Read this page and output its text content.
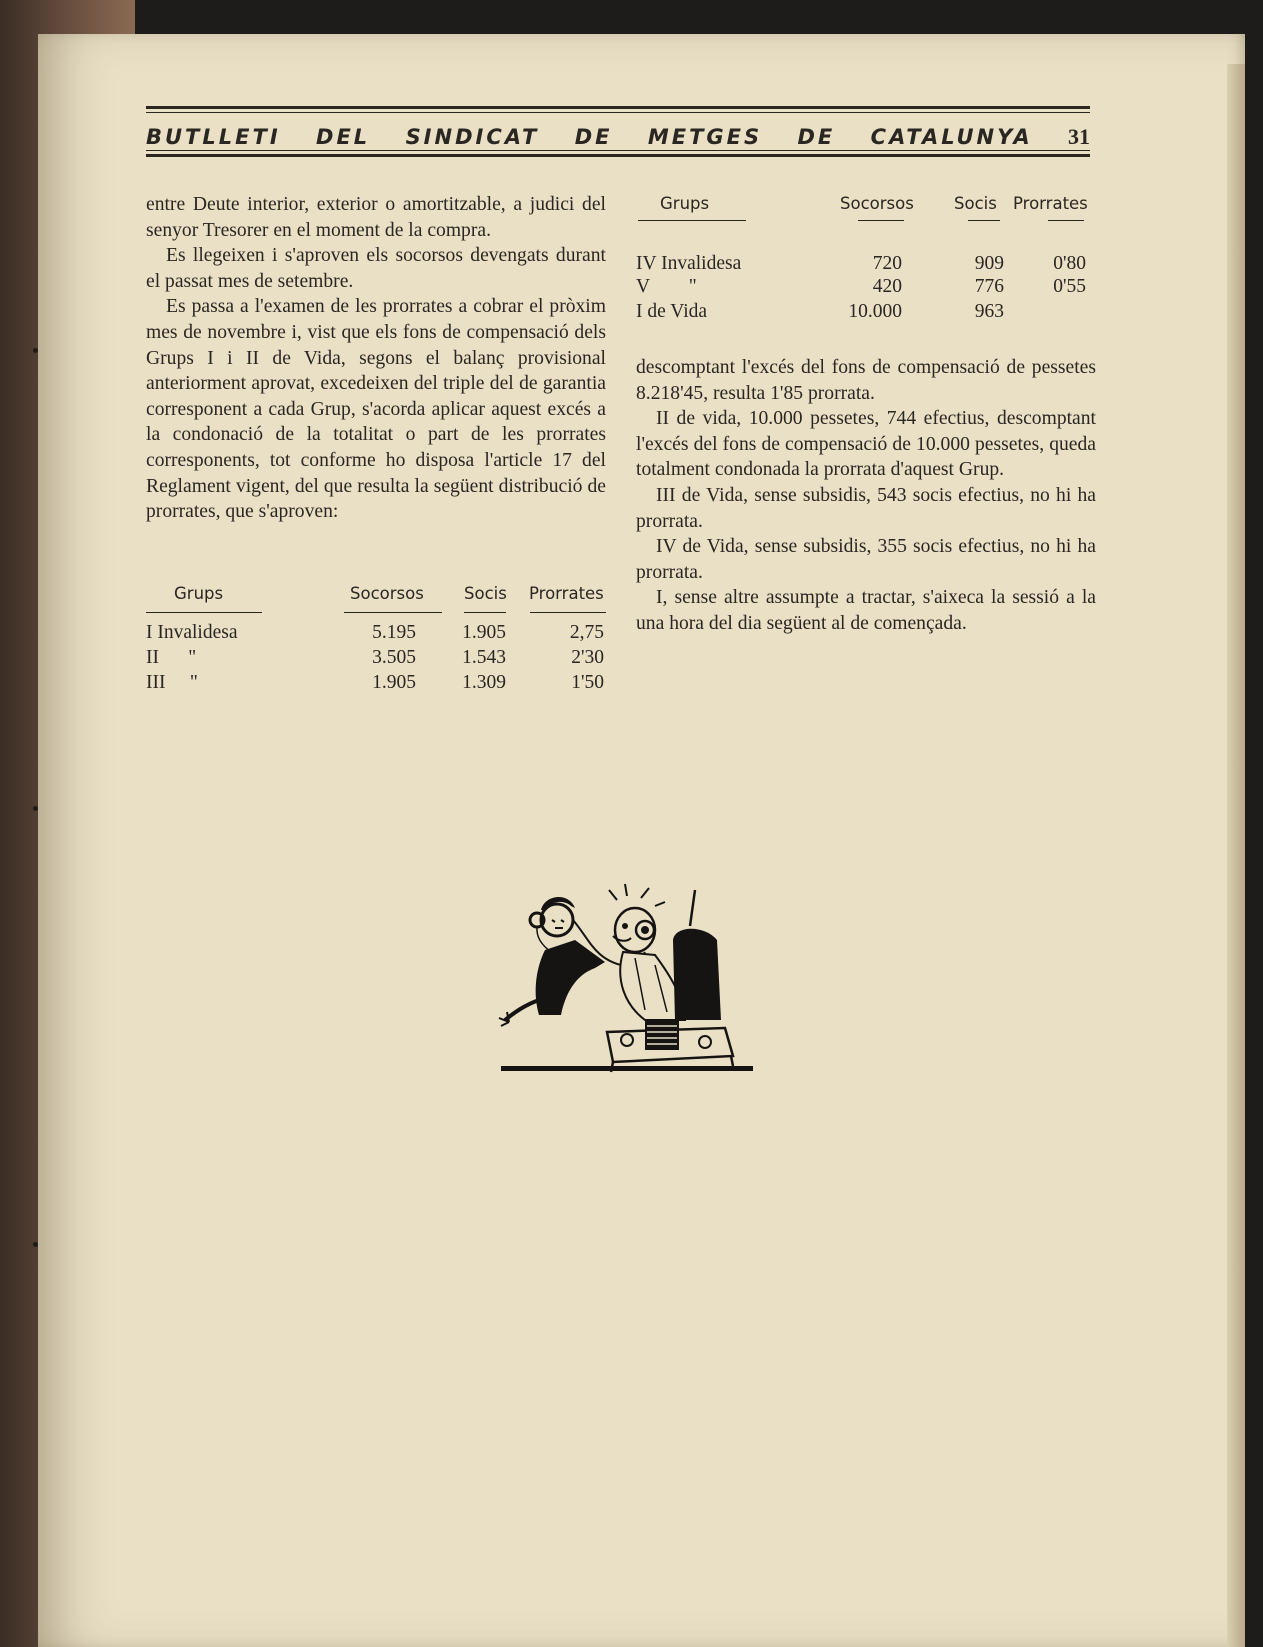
BUTLLETI DEL SINDICAT DE METGES DE CATALUNYA 31

entre Deute interior, exterior o amortitzable, a judici del senyor Tresorer en el moment de la compra.

Es llegeixen i s'aproven els socorsos devengats durant el passat mes de setembre.

Es passa a l'examen de les prorrates a cobrar el pròxim mes de novembre i, vist que els fons de compensació dels Grups I i II de Vida, segons el balanç provisional anteriorment aprovat, excedeixen del triple del de garantia corresponent a cada Grup, s'acorda aplicar aquest excés a la condonació de la totalitat o part de les prorrates corresponents, tot conforme ho disposa l'article 17 del Reglament vigent, del que resulta la següent distribució de prorrates, que s'aproven:

Grups	Socorsos Socis Prorrates
I Invalidesa	5.195	1.905	2,75
II      "	3.505	1.543	2'30
III     "	1.905	1.309	1'50
Grups	Socorsos Socis Prorrates
IV Invalidesa	720	909	0'80
V        "	420	776	0'55
I de Vida	10.000	963

descomptant l'excés del fons de compensació de pessetes 8.218'45, resulta 1'85 prorrata.

II de vida, 10.000 pessetes, 744 efectius, descomptant l'excés del fons de compensació de 10.000 pessetes, queda totalment condonada la prorrata d'aquest Grup.

III de Vida, sense subsidis, 543 socis efectius, no hi ha prorrata.

IV de Vida, sense subsidis, 355 socis efectius, no hi ha prorrata.

I, sense altre assumpte a tractar, s'aixeca la sessió a la una hora del dia següent al de començada.
